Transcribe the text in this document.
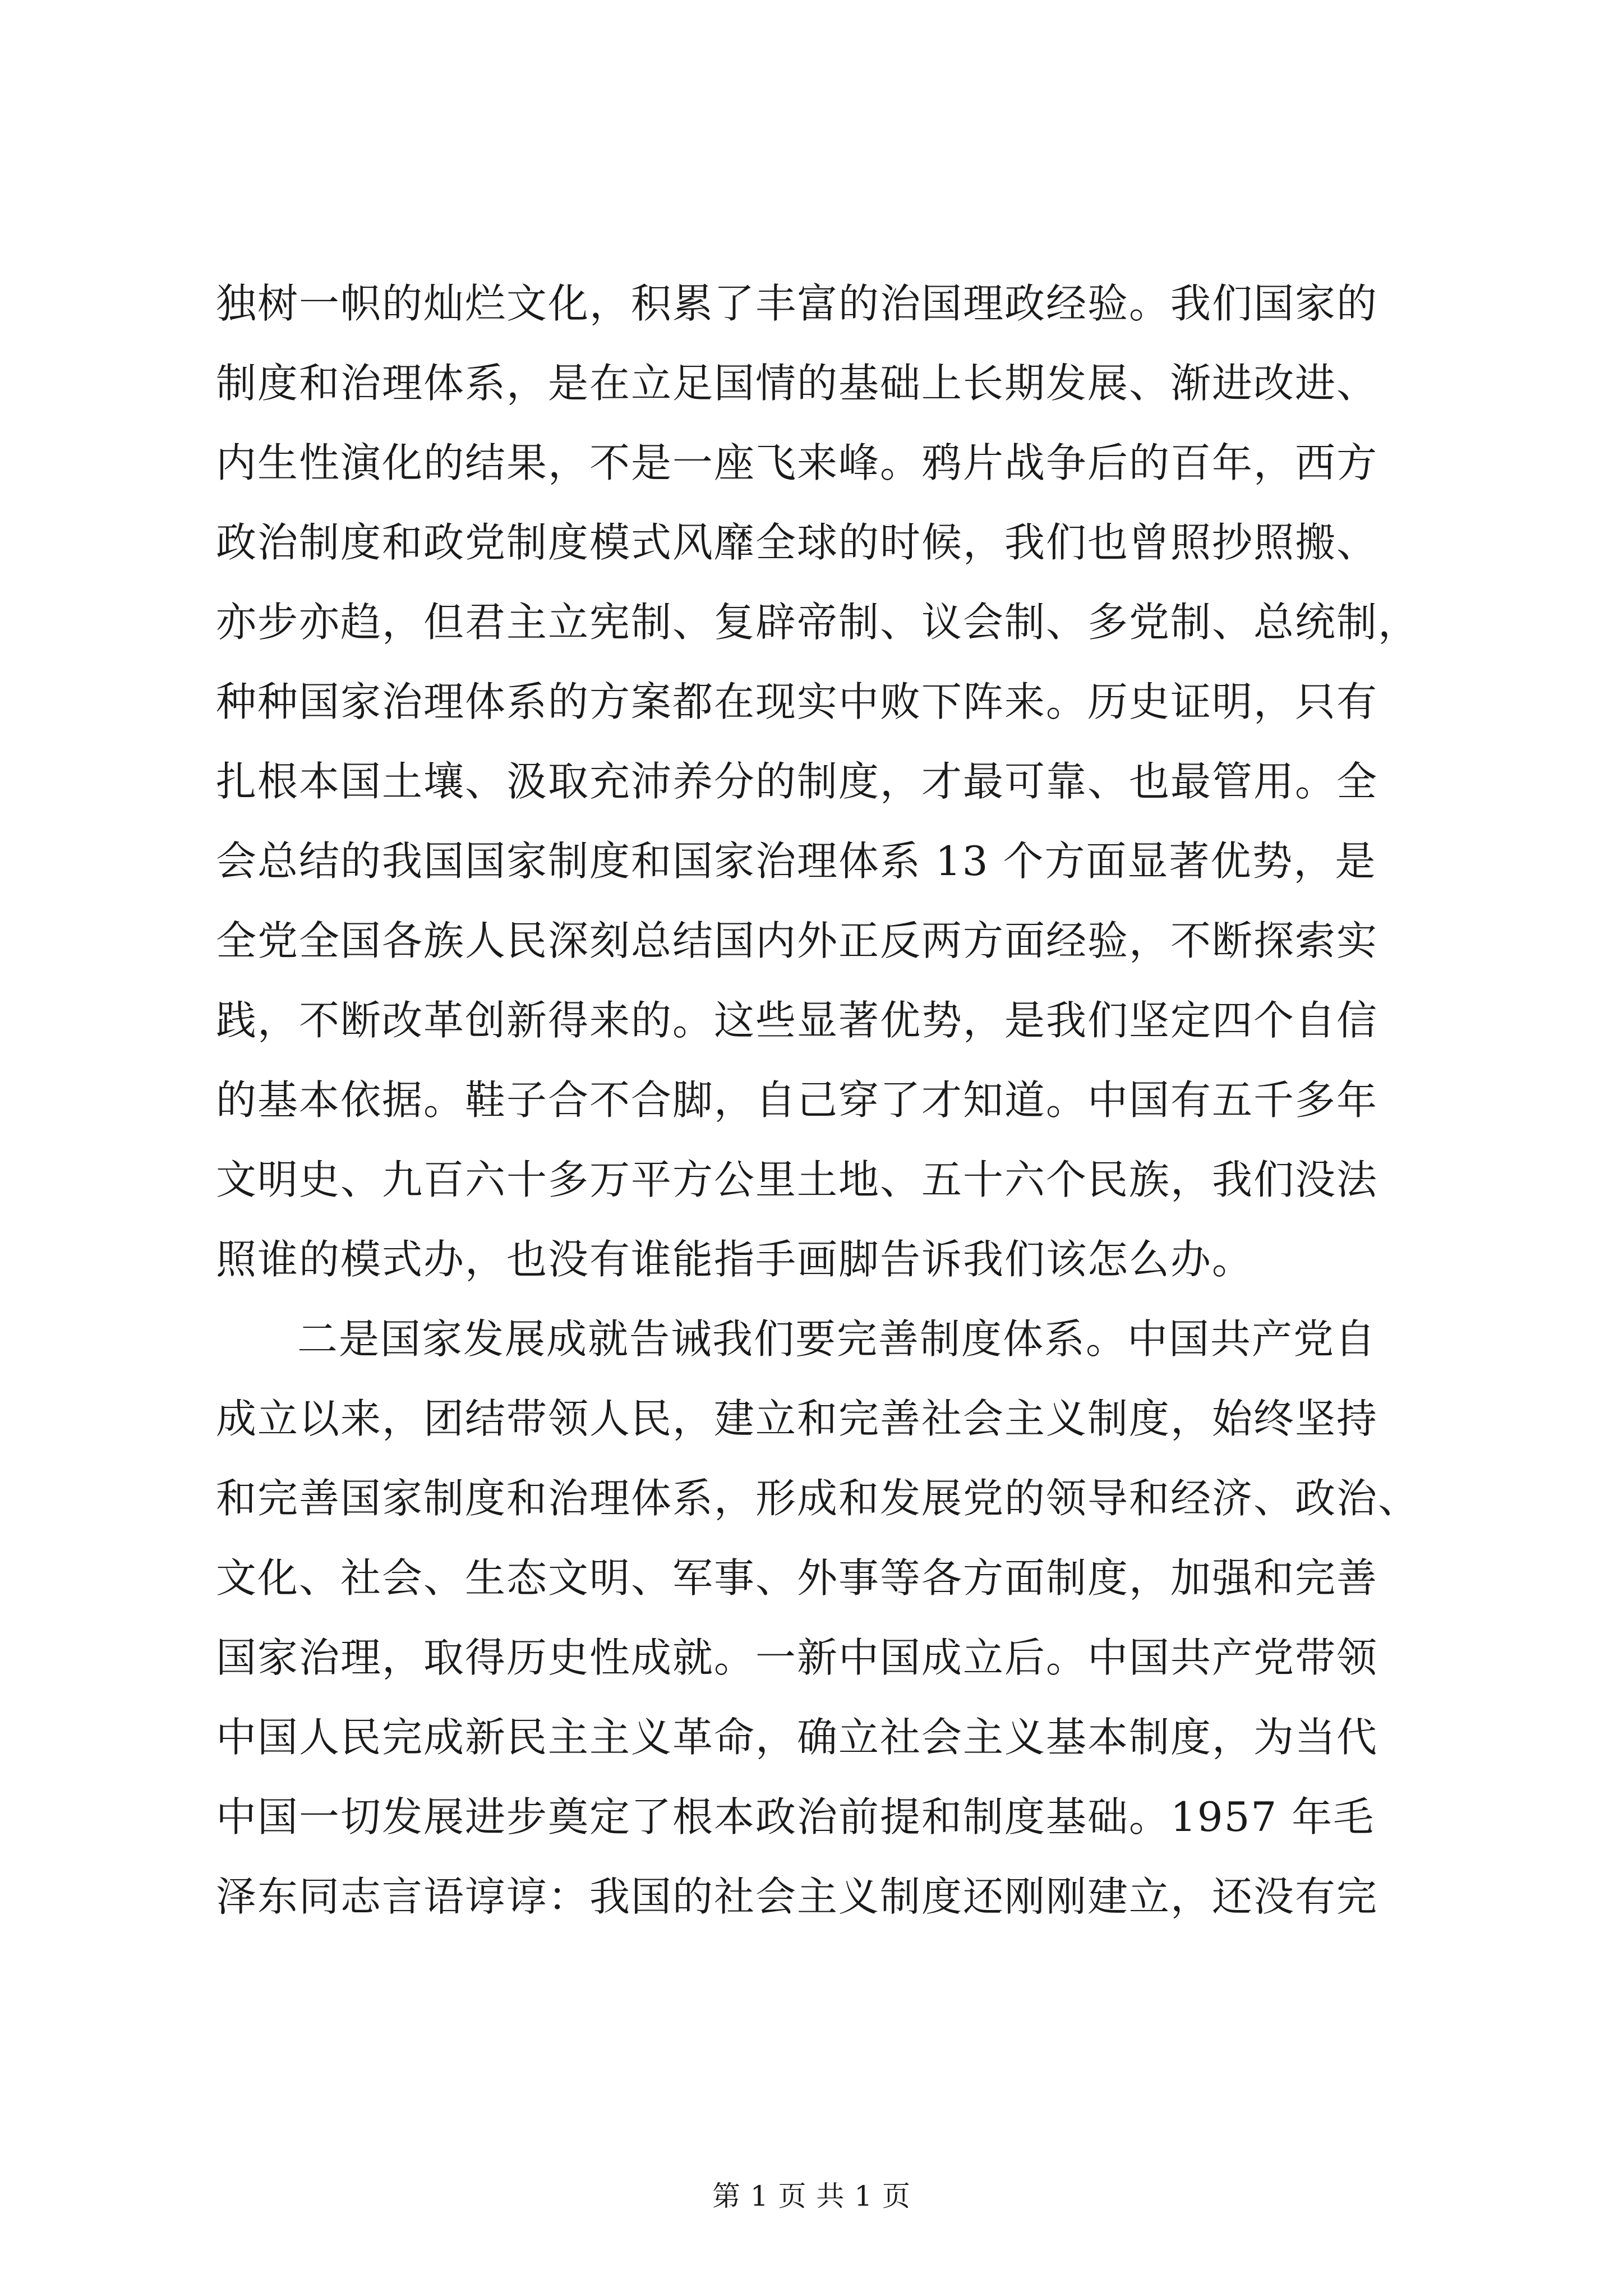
独树一帜的灿烂文化，积累了丰富的治国理政经验。我们国家的
制度和治理体系，是在立足国情的基础上长期发展、渐进改进、
内生性演化的结果，不是一座飞来峰。鸦片战争后的百年，西方
政治制度和政党制度模式风靡全球的时候，我们也曾照抄照搬、
亦步亦趋，但君主立宪制、复辟帝制、议会制、多党制、总统制，
种种国家治理体系的方案都在现实中败下阵来。历史证明，只有
扎根本国土壤、汲取充沛养分的制度，才最可靠、也最管用。全
会总结的我国国家制度和国家治理体系 13 个方面显著优势，是
全党全国各族人民深刻总结国内外正反两方面经验，不断探索实
践，不断改革创新得来的。这些显著优势，是我们坚定四个自信
的基本依据。鞋子合不合脚，自己穿了才知道。中国有五千多年
文明史、九百六十多万平方公里土地、五十六个民族，我们没法
照谁的模式办，也没有谁能指手画脚告诉我们该怎么办。
二是国家发展成就告诫我们要完善制度体系。中国共产党自
成立以来，团结带领人民，建立和完善社会主义制度，始终坚持
和完善国家制度和治理体系，形成和发展党的领导和经济、政治、
文化、社会、生态文明、军事、外事等各方面制度，加强和完善
国家治理，取得历史性成就。一新中国成立后。中国共产党带领
中国人民完成新民主主义革命，确立社会主义基本制度，为当代
中国一切发展进步奠定了根本政治前提和制度基础。1957 年毛
泽东同志言语谆谆：我国的社会主义制度还刚刚建立，还没有完
第 1 页 共 1 页
